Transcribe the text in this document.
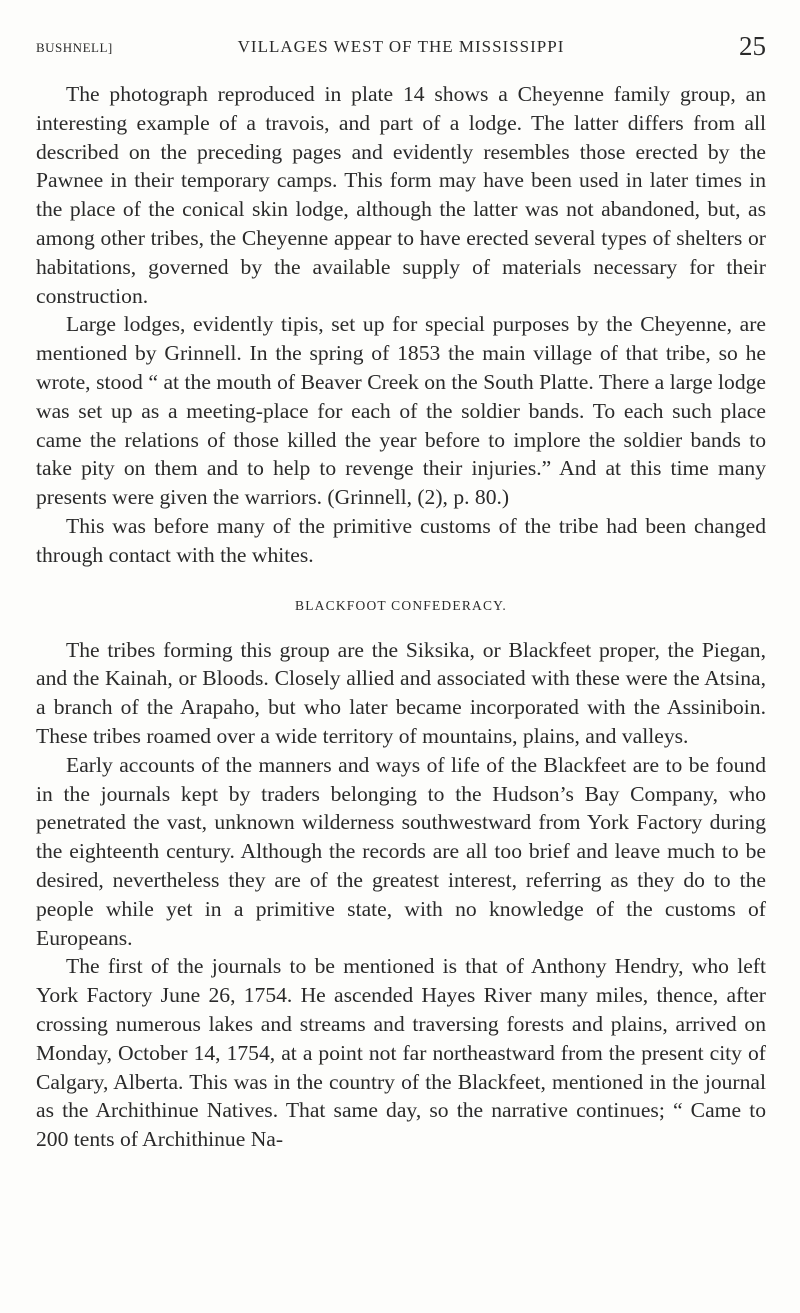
BUSHNELL]	VILLAGES WEST OF THE MISSISSIPPI	25

The photograph reproduced in plate 14 shows a Cheyenne family group, an interesting example of a travois, and part of a lodge. The latter differs from all described on the preceding pages and evidently resembles those erected by the Pawnee in their temporary camps. This form may have been used in later times in the place of the conical skin lodge, although the latter was not abandoned, but, as among other tribes, the Cheyenne appear to have erected several types of shelters or habitations, governed by the available supply of materials necessary for their construction.

Large lodges, evidently tipis, set up for special purposes by the Cheyenne, are mentioned by Grinnell. In the spring of 1853 the main village of that tribe, so he wrote, stood “ at the mouth of Beaver Creek on the South Platte. There a large lodge was set up as a meeting-place for each of the soldier bands. To each such place came the relations of those killed the year before to implore the soldier bands to take pity on them and to help to revenge their injuries.” And at this time many presents were given the warriors. (Grinnell, (2), p. 80.)

This was before many of the primitive customs of the tribe had been changed through contact with the whites.

BLACKFOOT CONFEDERACY.

The tribes forming this group are the Siksika, or Blackfeet proper, the Piegan, and the Kainah, or Bloods. Closely allied and associated with these were the Atsina, a branch of the Arapaho, but who later became incorporated with the Assiniboin. These tribes roamed over a wide territory of mountains, plains, and valleys.

Early accounts of the manners and ways of life of the Blackfeet are to be found in the journals kept by traders belonging to the Hudson’s Bay Company, who penetrated the vast, unknown wilderness southwestward from York Factory during the eighteenth century. Although the records are all too brief and leave much to be desired, nevertheless they are of the greatest interest, referring as they do to the people while yet in a primitive state, with no knowledge of the customs of Europeans.

The first of the journals to be mentioned is that of Anthony Hendry, who left York Factory June 26, 1754. He ascended Hayes River many miles, thence, after crossing numerous lakes and streams and traversing forests and plains, arrived on Monday, October 14, 1754, at a point not far northeastward from the present city of Calgary, Alberta. This was in the country of the Blackfeet, mentioned in the journal as the Archithinue Natives. That same day, so the narrative continues; “ Came to 200 tents of Archithinue Na-
